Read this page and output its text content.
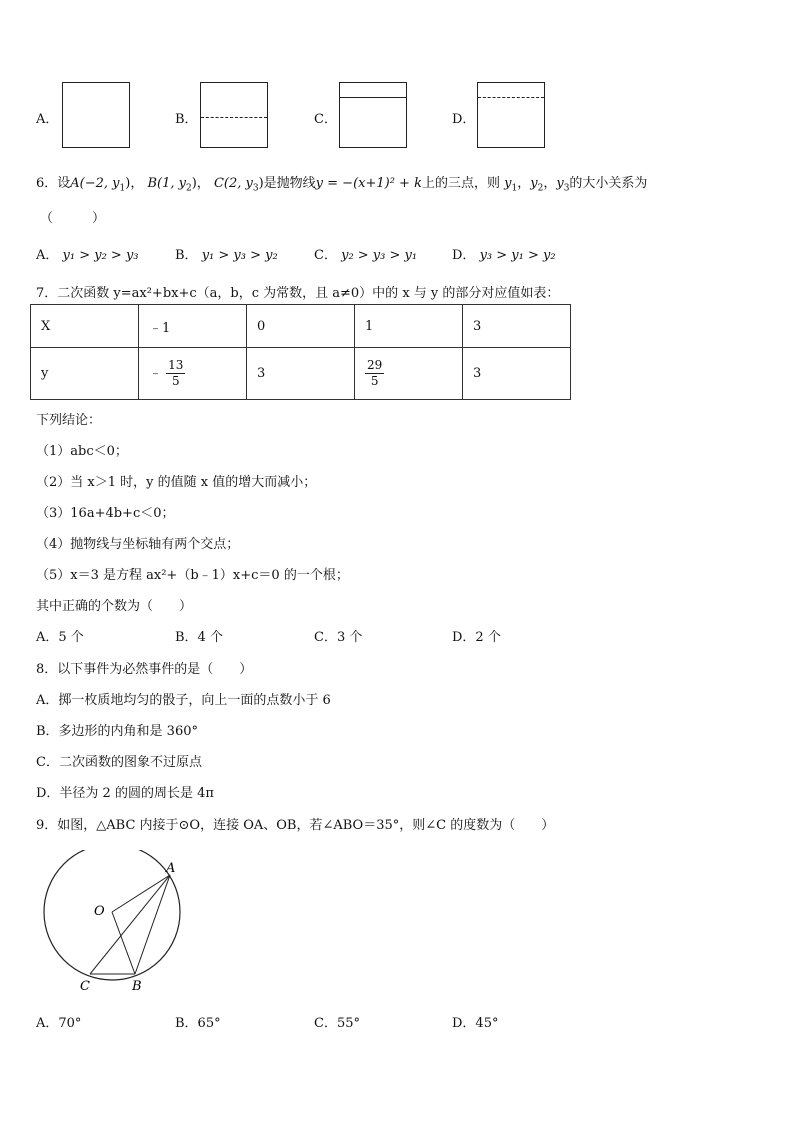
A．	B．	C．	D．
6．设A(−2, $y_1$)， B(1, $y_2$)， C(2, $y_3$)是抛物线y = −(x+1)² + k上的三点，则 $y_1$，$y_2$，$y_3$的大小关系为
（　　　）
A． y₁ > y₂ > y₃	B． y₁ > y₃ > y₂	C． y₂ > y₃ > y₁	D． y₃ > y₁ > y₂
7．二次函数 y=ax²+bx+c（a，b，c 为常数，且 a≠0）中的 x 与 y 的部分对应值如表：
X	﹣1	0	1	3
y	﹣ $\frac{13}{5}$	3	$\frac{29}{5}$	3
下列结论：
（1）abc＜0；
（2）当 x＞1 时，y 的值随 x 值的增大而减小；
（3）16a+4b+c＜0；
（4）抛物线与坐标轴有两个交点；
（5）x＝3 是方程 ax²+（b﹣1）x+c＝0 的一个根；
其中正确的个数为（　　）
A．5 个	B．4 个	C．3 个	D．2 个
8．以下事件为必然事件的是（　　）
A．掷一枚质地均匀的骰子，向上一面的点数小于 6
B．多边形的内角和是 360°
C．二次函数的图象不过原点
D．半径为 2 的圆的周长是 4π
9．如图，△ABC 内接于⊙O，连接 OA、OB，若∠ABO＝35°，则∠C 的度数为（　　）
A
O
C	B
A．70°	B．65°	C．55°	D．45°
